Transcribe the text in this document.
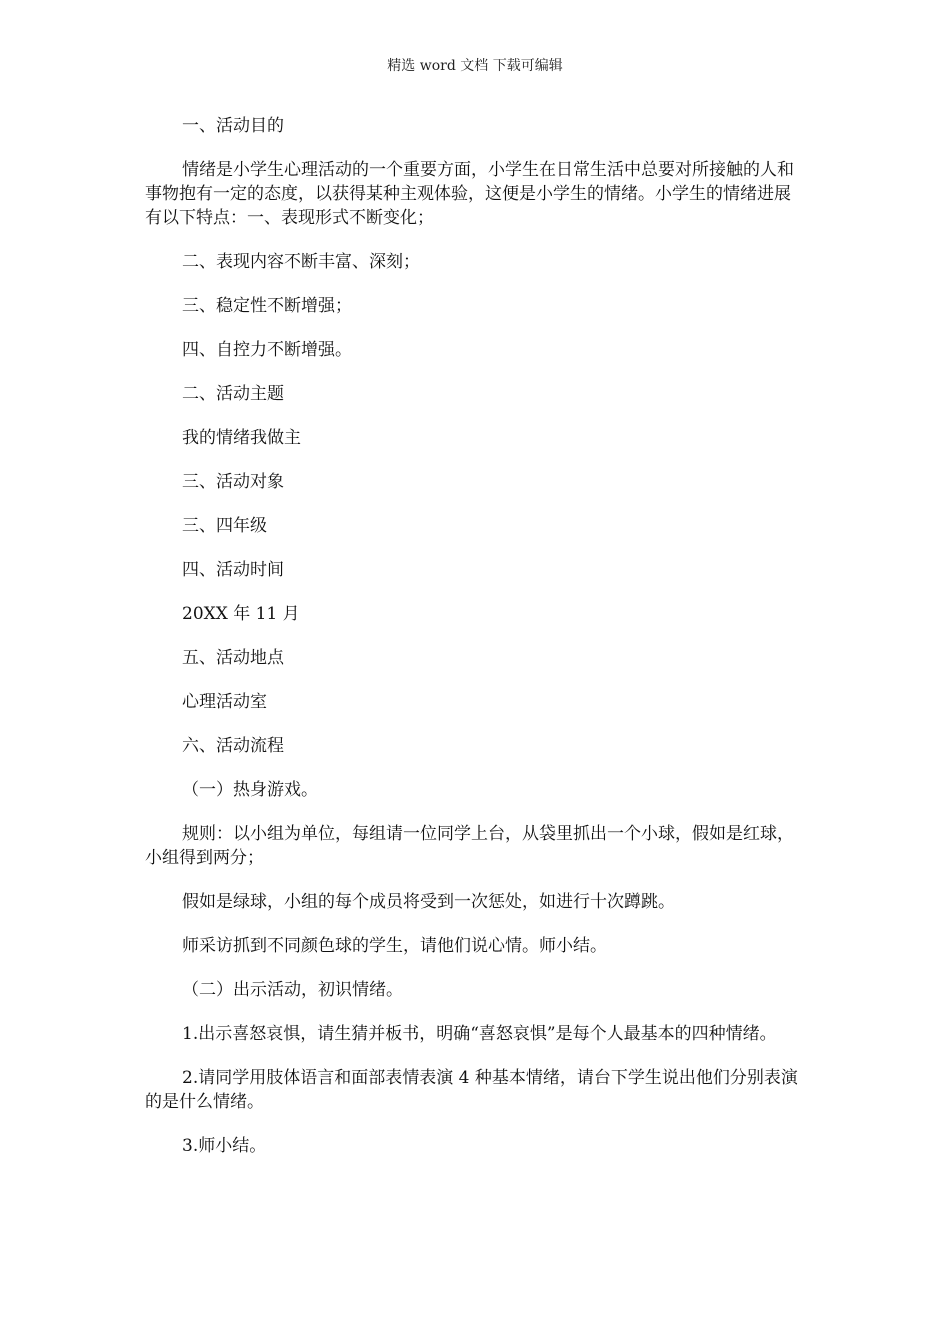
精选 word 文档 下载可编辑

一、活动目的

情绪是小学生心理活动的一个重要方面，小学生在日常生活中总要对所接触的人和事物抱有一定的态度，以获得某种主观体验，这便是小学生的情绪。小学生的情绪进展有以下特点：一、表现形式不断变化；

二、表现内容不断丰富、深刻；

三、稳定性不断增强；

四、自控力不断增强。

二、活动主题

我的情绪我做主

三、活动对象

三、四年级

四、活动时间

20XX 年 11 月

五、活动地点

心理活动室

六、活动流程

（一）热身游戏。

规则：以小组为单位，每组请一位同学上台，从袋里抓出一个小球，假如是红球，小组得到两分；

假如是绿球，小组的每个成员将受到一次惩处，如进行十次蹲跳。

师采访抓到不同颜色球的学生，请他们说心情。师小结。

（二）出示活动，初识情绪。

1.出示喜怒哀惧，请生猜并板书，明确“喜怒哀惧”是每个人最基本的四种情绪。

2.请同学用肢体语言和面部表情表演 4 种基本情绪，请台下学生说出他们分别表演的是什么情绪。

3.师小结。
